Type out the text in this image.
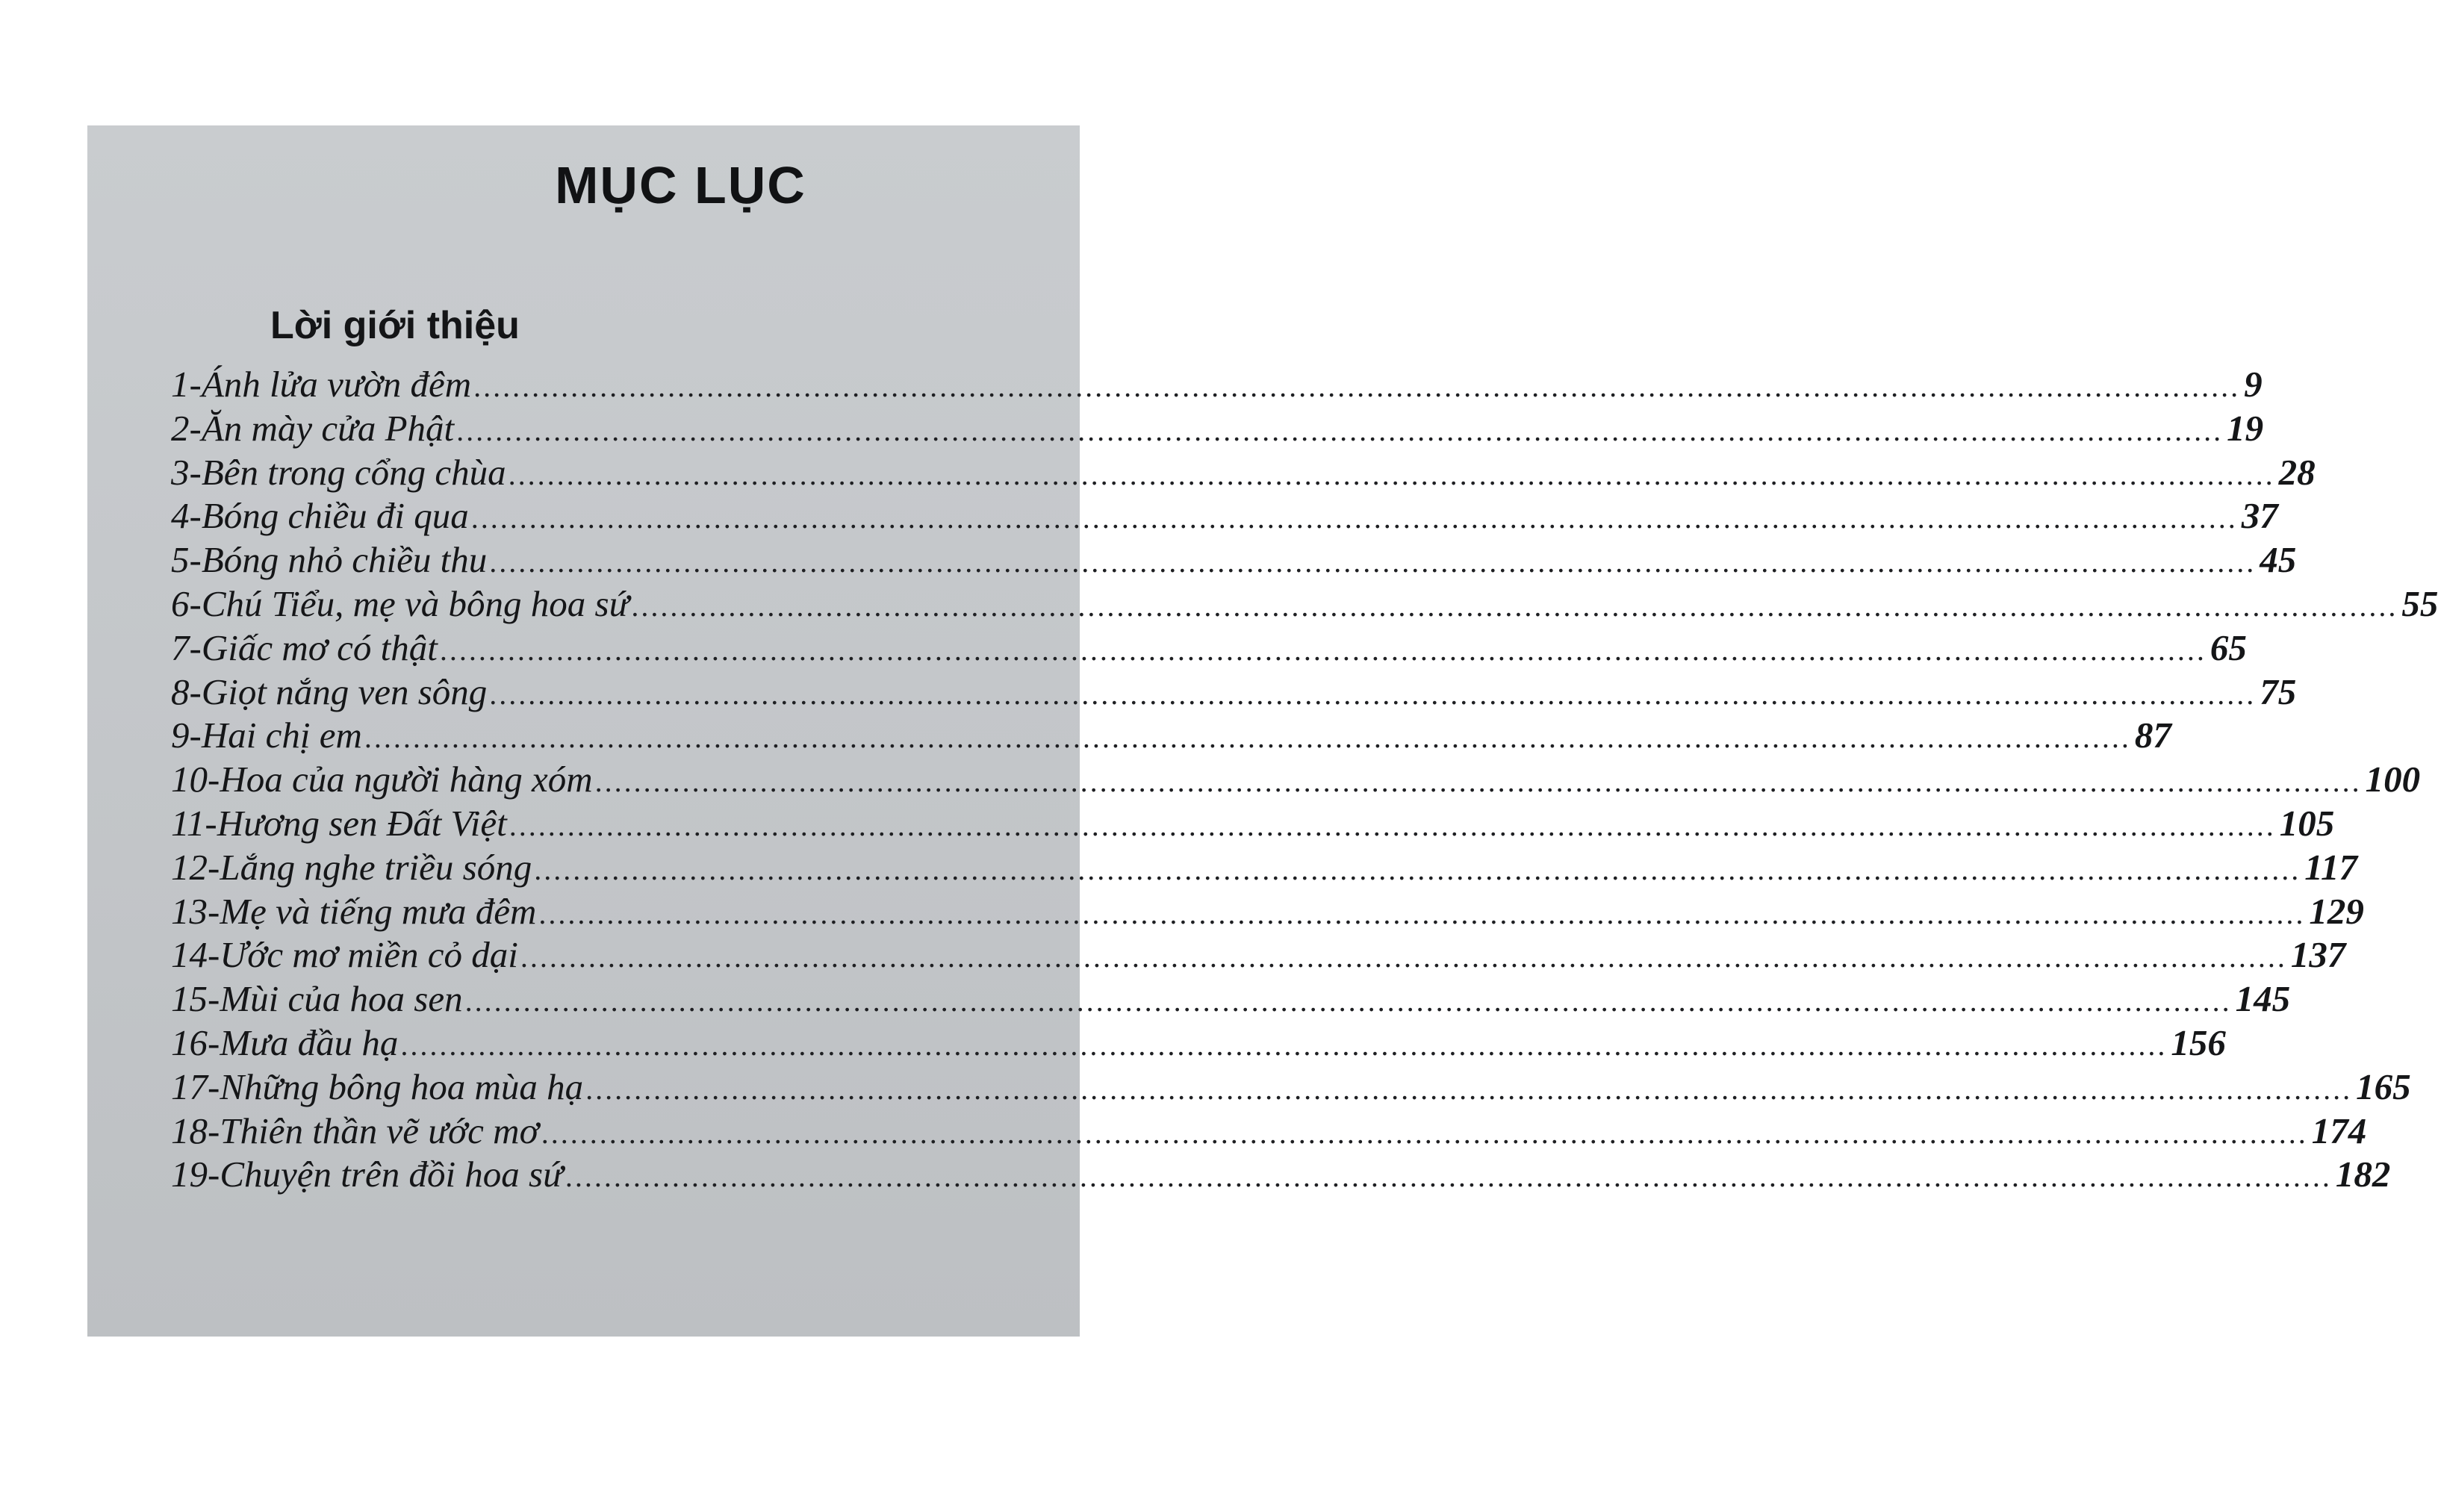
MỤC LỤC
Lời giới thiệu
1- Ánh lửa vườn đêm ...................................................................................................................................................................................... 9
2- Ăn mày cửa Phật ...................................................................................................................................................................................... 19
3- Bên trong cổng chùa ...................................................................................................................................................................................... 28
4- Bóng chiều đi qua ...................................................................................................................................................................................... 37
5- Bóng nhỏ chiều thu ...................................................................................................................................................................................... 45
6- Chú Tiểu, mẹ và bông hoa sứ ...................................................................................................................................................................................... 55
7- Giấc mơ có thật ...................................................................................................................................................................................... 65
8- Giọt nắng ven sông ...................................................................................................................................................................................... 75
9- Hai chị em ...................................................................................................................................................................................... 87
10- Hoa của người hàng xóm ...................................................................................................................................................................................... 100
11- Hương sen Đất Việt ...................................................................................................................................................................................... 105
12- Lắng nghe triều sóng ...................................................................................................................................................................................... 117
13- Mẹ và tiếng mưa đêm ...................................................................................................................................................................................... 129
14- Ước mơ miền cỏ dại ...................................................................................................................................................................................... 137
15- Mùi của hoa sen ...................................................................................................................................................................................... 145
16- Mưa đầu hạ ...................................................................................................................................................................................... 156
17- Những bông hoa mùa hạ ...................................................................................................................................................................................... 165
18- Thiên thần vẽ ước mơ ...................................................................................................................................................................................... 174
19- Chuyện trên đồi hoa sứ ...................................................................................................................................................................................... 182
